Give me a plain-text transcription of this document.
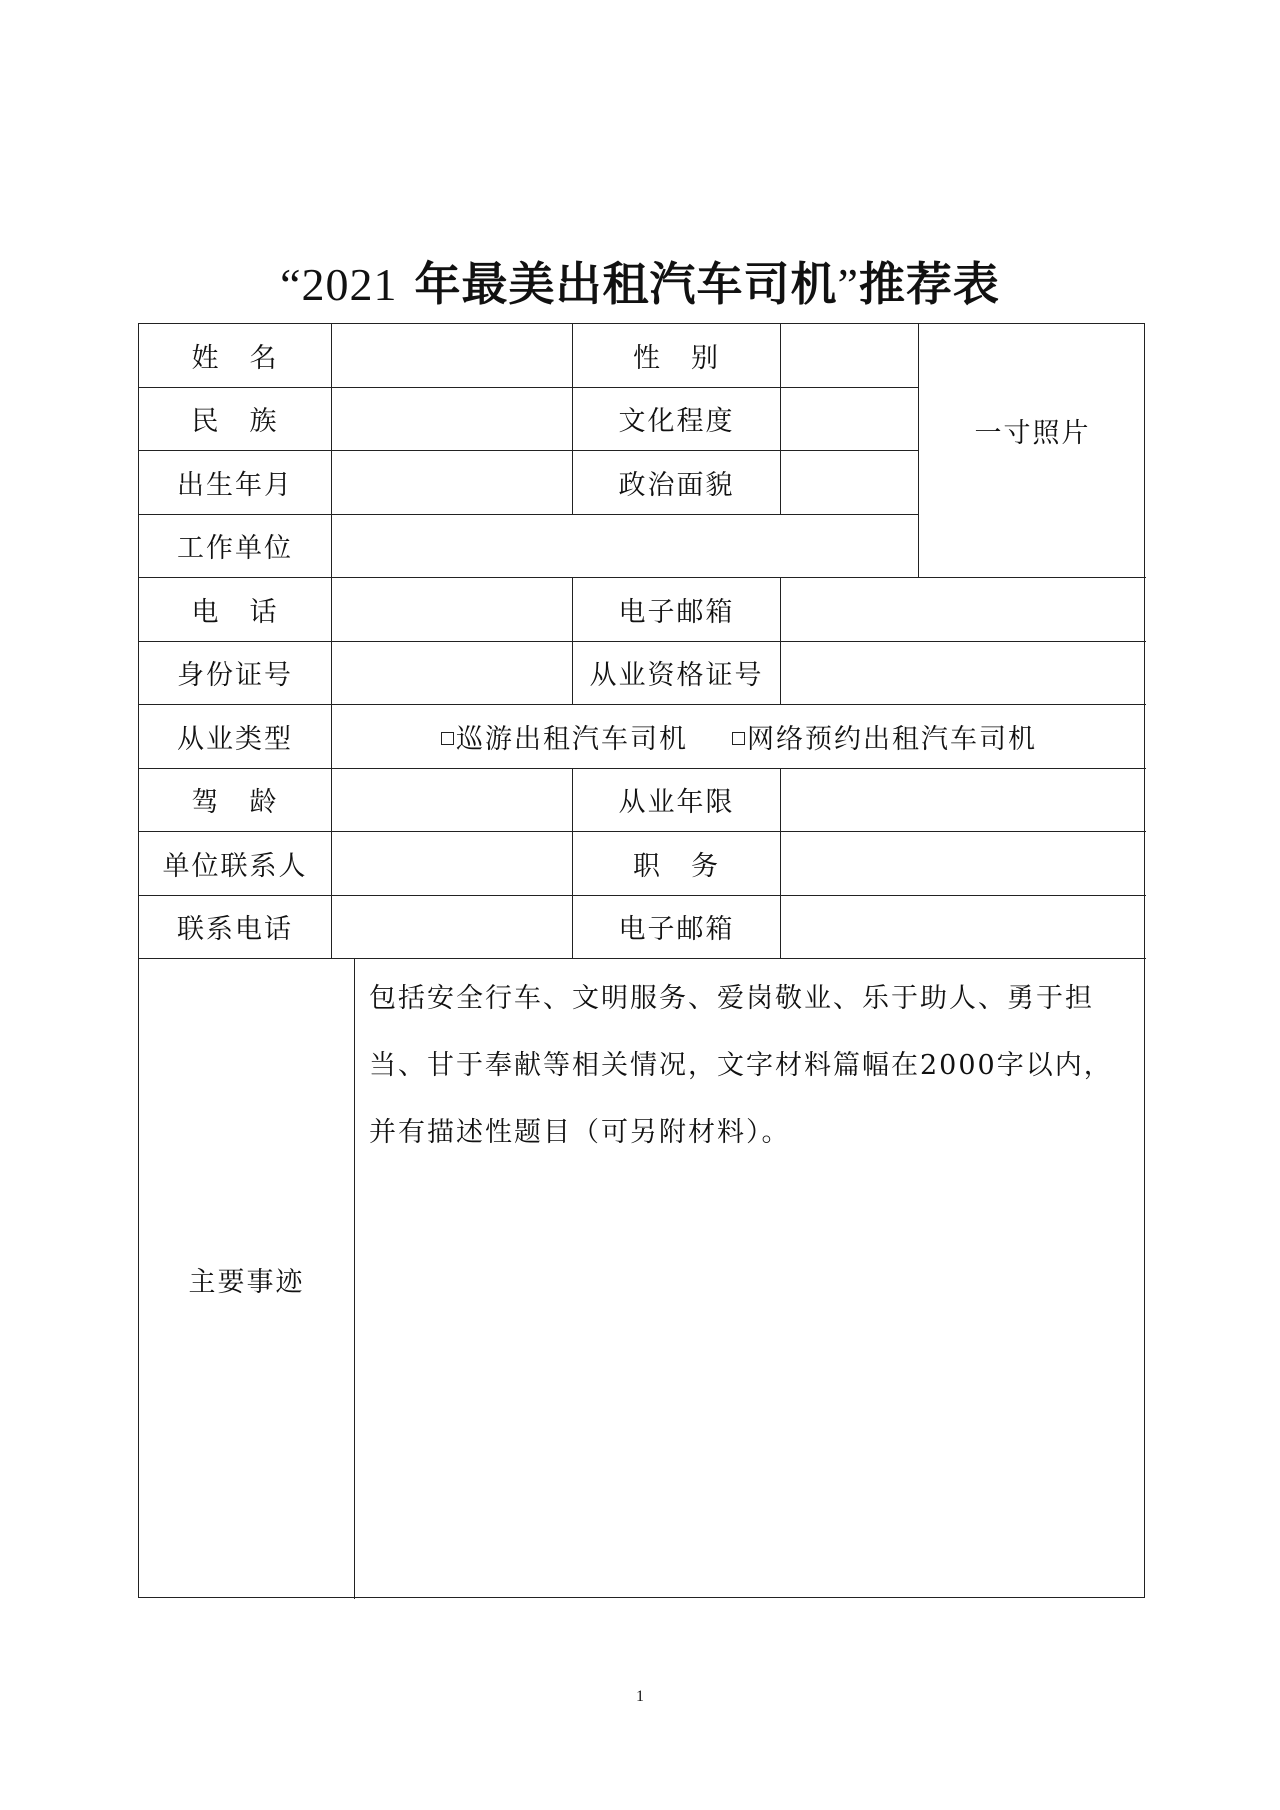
“2021 年最美出租汽车司机”推荐表
姓　名	性　别
一寸照片
民　族	文化程度
出生年月	政治面貌
工作单位
电　话	电子邮箱
身份证号	从业资格证号
从业类型	巡游出租汽车司机	网络预约出租汽车司机
驾　龄	从业年限
单位联系人	职　务
联系电话	电子邮箱
主要事迹
包括安全行车、文明服务、爱岗敬业、乐于助人、勇于担当、甘于奉献等相关情况，文字材料篇幅在2000字以内，并有描述性题目（可另附材料）。
1
